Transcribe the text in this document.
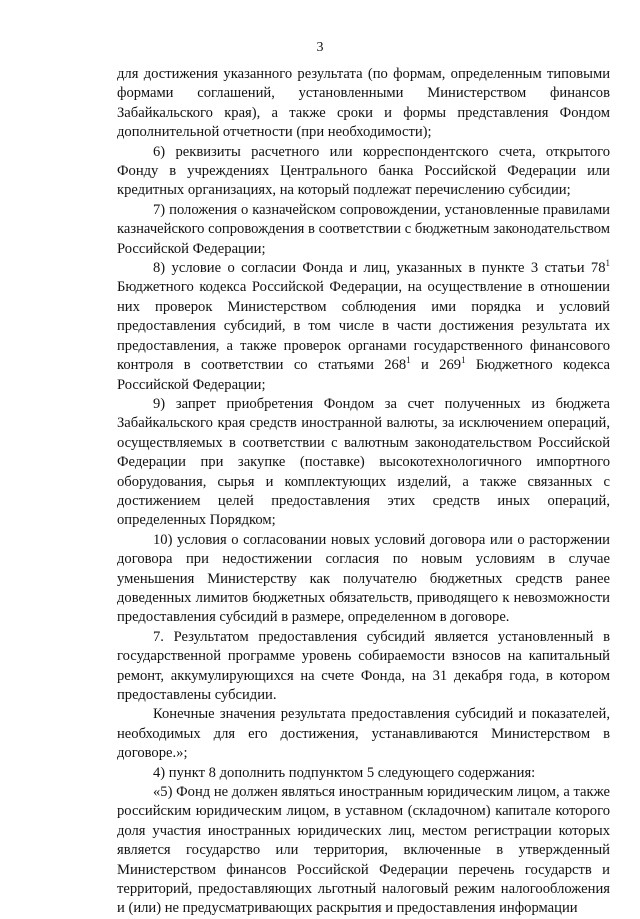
3

для достижения указанного результата (по формам, определенным типовыми формами соглашений, установленными Министерством финансов Забайкальского края), а также сроки и формы представления Фондом дополнительной отчетности (при необходимости);

6) реквизиты расчетного или корреспондентского счета, открытого Фонду в учреждениях Центрального банка Российской Федерации или кредитных организациях, на который подлежат перечислению субсидии;

7) положения о казначейском сопровождении, установленные правилами казначейского сопровождения в соответствии с бюджетным законодательством Российской Федерации;

8) условие о согласии Фонда и лиц, указанных в пункте 3 статьи $78^1$ Бюджетного кодекса Российской Федерации, на осуществление в отношении них проверок Министерством соблюдения ими порядка и условий предоставления субсидий, в том числе в части достижения результата их предоставления, а также проверок органами государственного финансового контроля в соответствии со статьями $268^1$ и $269^1$ Бюджетного кодекса Российской Федерации;

9) запрет приобретения Фондом за счет полученных из бюджета Забайкальского края средств иностранной валюты, за исключением операций, осуществляемых в соответствии с валютным законодательством Российской Федерации при закупке (поставке) высокотехнологичного импортного оборудования, сырья и комплектующих изделий, а также связанных с достижением целей предоставления этих средств иных операций, определенных Порядком;

10) условия о согласовании новых условий договора или о расторжении договора при недостижении согласия по новым условиям в случае уменьшения Министерству как получателю бюджетных средств ранее доведенных лимитов бюджетных обязательств, приводящего к невозможности предоставления субсидий в размере, определенном в договоре.

7. Результатом предоставления субсидий является установленный в государственной программе уровень собираемости взносов на капитальный ремонт, аккумулирующихся на счете Фонда, на 31 декабря года, в котором предоставлены субсидии.

Конечные значения результата предоставления субсидий и показателей, необходимых для его достижения, устанавливаются Министерством в договоре.»;

4) пункт 8 дополнить подпунктом 5 следующего содержания:

«5) Фонд не должен являться иностранным юридическим лицом, а также российским юридическим лицом, в уставном (складочном) капитале которого доля участия иностранных юридических лиц, местом регистрации которых является государство или территория, включенные в утвержденный Министерством финансов Российской Федерации перечень государств и территорий, предоставляющих льготный налоговый режим налогообложения и (или) не предусматривающих раскрытия и предоставления информации
